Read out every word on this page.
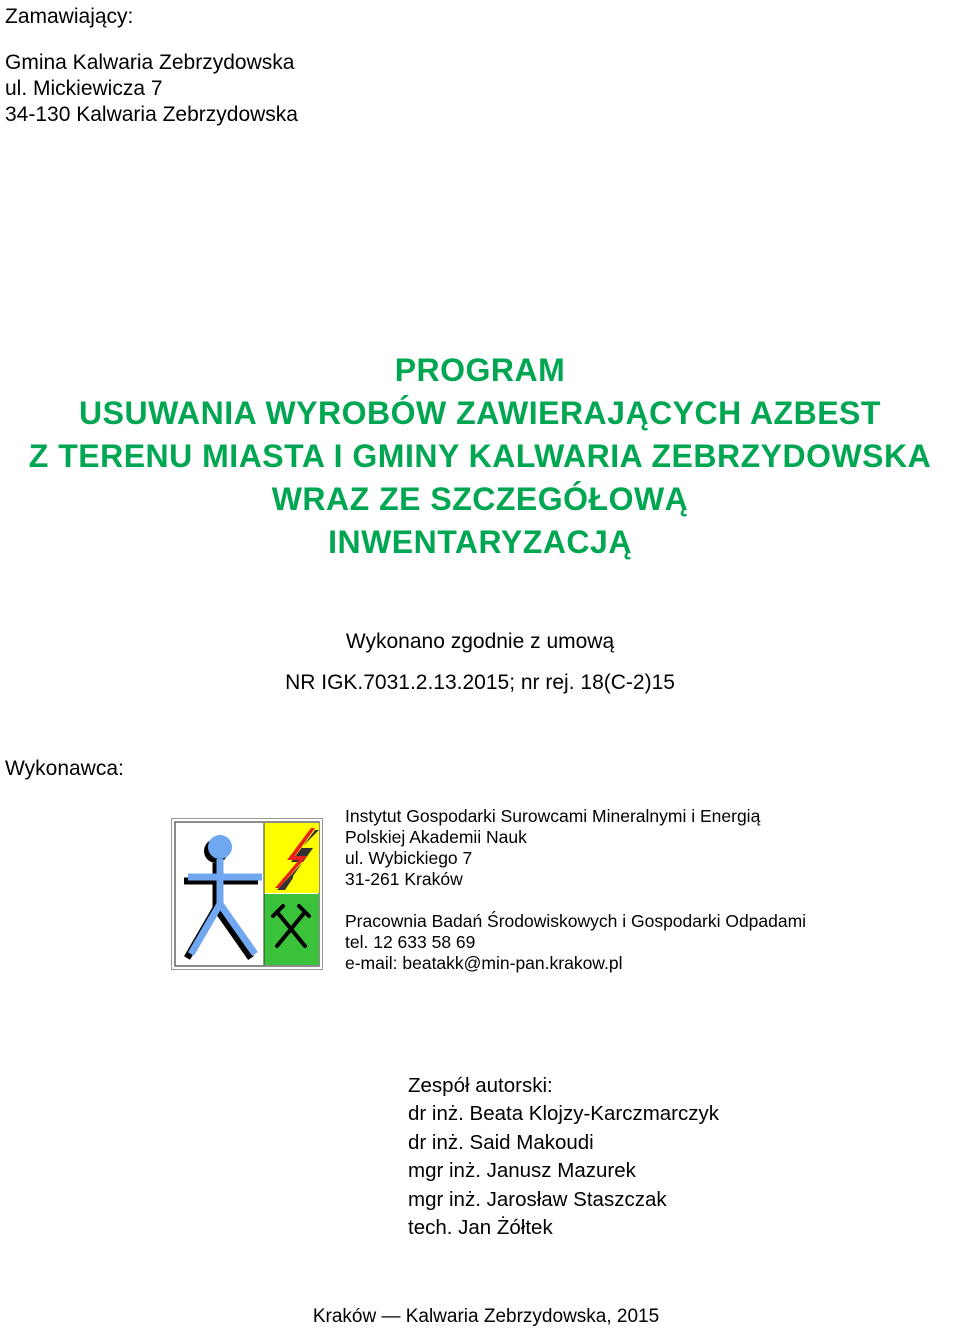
Zamawiający:
Gmina Kalwaria Zebrzydowska
ul. Mickiewicza 7
34-130 Kalwaria Zebrzydowska
PROGRAM
USUWANIA WYROBÓW ZAWIERAJĄCYCH AZBEST
Z TERENU MIASTA I GMINY KALWARIA ZEBRZYDOWSKA
WRAZ ZE SZCZEGÓŁOWĄ
INWENTARYZACJĄ
Wykonano zgodnie z umową
NR IGK.7031.2.13.2015; nr rej. 18(C-2)15
Wykonawca:
Instytut Gospodarki Surowcami Mineralnymi i Energią
Polskiej Akademii Nauk
ul. Wybickiego 7
31-261 Kraków
Pracownia Badań Środowiskowych i Gospodarki Odpadami
tel. 12 633 58 69
e-mail: beatakk@min-pan.krakow.pl
Zespół autorski:
dr inż. Beata Klojzy-Karczmarczyk
dr inż. Said Makoudi
mgr inż. Janusz Mazurek
mgr inż. Jarosław Staszczak
tech. Jan Żółtek
Kraków — Kalwaria Zebrzydowska, 2015
